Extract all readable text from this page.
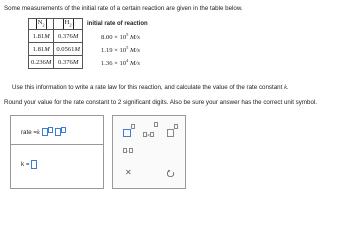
Some measurements of the initial rate of a certain reaction are given in the table below.
$N_2$	$H_2$	initial rate of reaction
1.81M	0.376M	$8.00 \times 10^5$ M/s
1.81M	0.0561M	$1.19 \times 10^5$ M/s
0.236M	0.376M	$1.36 \times 10^4$ M/s
Use this information to write a rate law for this reaction, and calculate the value of the rate constant k.
Round your value for the rate constant to 2 significant digits. Also be sure your answer has the correct unit symbol.
rate = k
k =
×
·
✕
